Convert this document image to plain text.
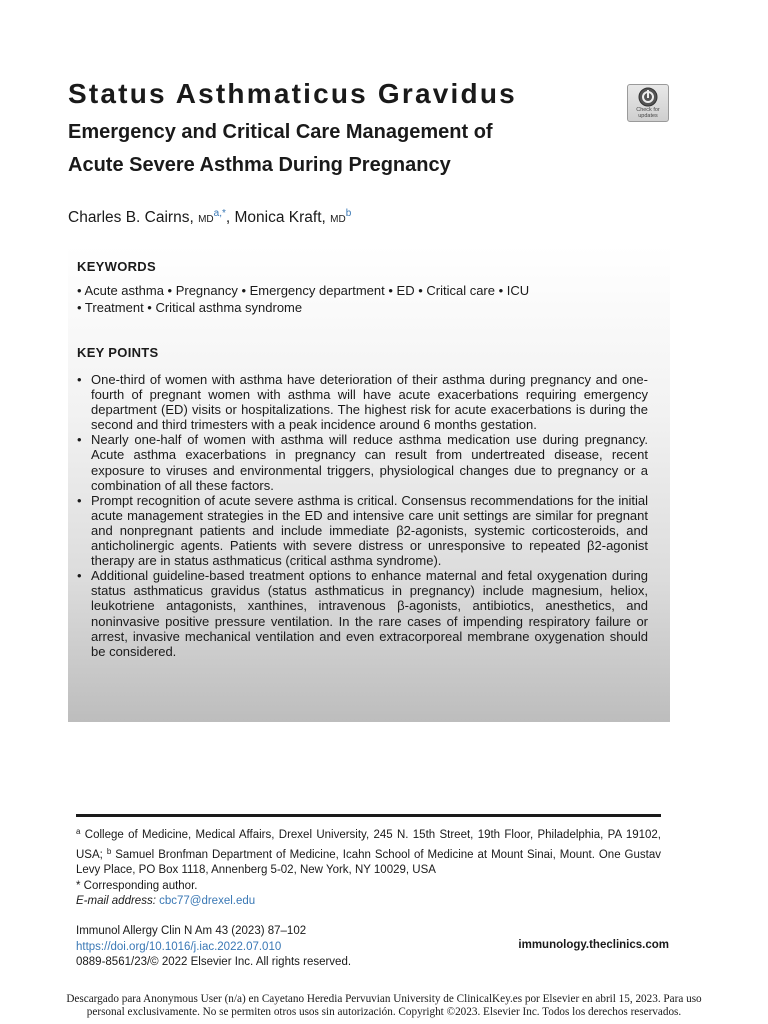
Status Asthmaticus Gravidus
Emergency and Critical Care Management of
Acute Severe Asthma During Pregnancy
Check for updates
Charles B. Cairns, $MD^{a,*}$, Monica Kraft, $MD^b$
KEYWORDS
• Acute asthma • Pregnancy • Emergency department • ED • Critical care • ICU
• Treatment • Critical asthma syndrome
KEY POINTS
• One-third of women with asthma have deterioration of their asthma during pregnancy and one-fourth of pregnant women with asthma will have acute exacerbations requiring emergency department (ED) visits or hospitalizations. The highest risk for acute exacerbations is during the second and third trimesters with a peak incidence around 6 months gestation.
• Nearly one-half of women with asthma will reduce asthma medication use during pregnancy. Acute asthma exacerbations in pregnancy can result from undertreated disease, recent exposure to viruses and environmental triggers, physiological changes due to pregnancy or a combination of all these factors.
• Prompt recognition of acute severe asthma is critical. Consensus recommendations for the initial acute management strategies in the ED and intensive care unit settings are similar for pregnant and nonpregnant patients and include immediate β2-agonists, systemic corticosteroids, and anticholinergic agents. Patients with severe distress or unresponsive to repeated β2-agonist therapy are in status asthmaticus (critical asthma syndrome).
• Additional guideline-based treatment options to enhance maternal and fetal oxygenation during status asthmaticus gravidus (status asthmaticus in pregnancy) include magnesium, heliox, leukotriene antagonists, xanthines, intravenous β-agonists, antibiotics, anesthetics, and noninvasive positive pressure ventilation. In the rare cases of impending respiratory failure or arrest, invasive mechanical ventilation and even extracorporeal membrane oxygenation should be considered.
$^a$ College of Medicine, Medical Affairs, Drexel University, 245 N. 15th Street, 19th Floor, Philadelphia, PA 19102, USA; $^b$ Samuel Bronfman Department of Medicine, Icahn School of Medicine at Mount Sinai, Mount. One Gustav Levy Place, PO Box 1118, Annenberg 5-02, New York, NY 10029, USA
* Corresponding author.
E-mail address: cbc77@drexel.edu
Immunol Allergy Clin N Am 43 (2023) 87–102
https://doi.org/10.1016/j.iac.2022.07.010
0889-8561/23/© 2022 Elsevier Inc. All rights reserved.
immunology.theclinics.com
Descargado para Anonymous User (n/a) en Cayetano Heredia Pervuvian University de ClinicalKey.es por Elsevier en abril 15, 2023. Para uso
personal exclusivamente. No se permiten otros usos sin autorización. Copyright ©2023. Elsevier Inc. Todos los derechos reservados.
